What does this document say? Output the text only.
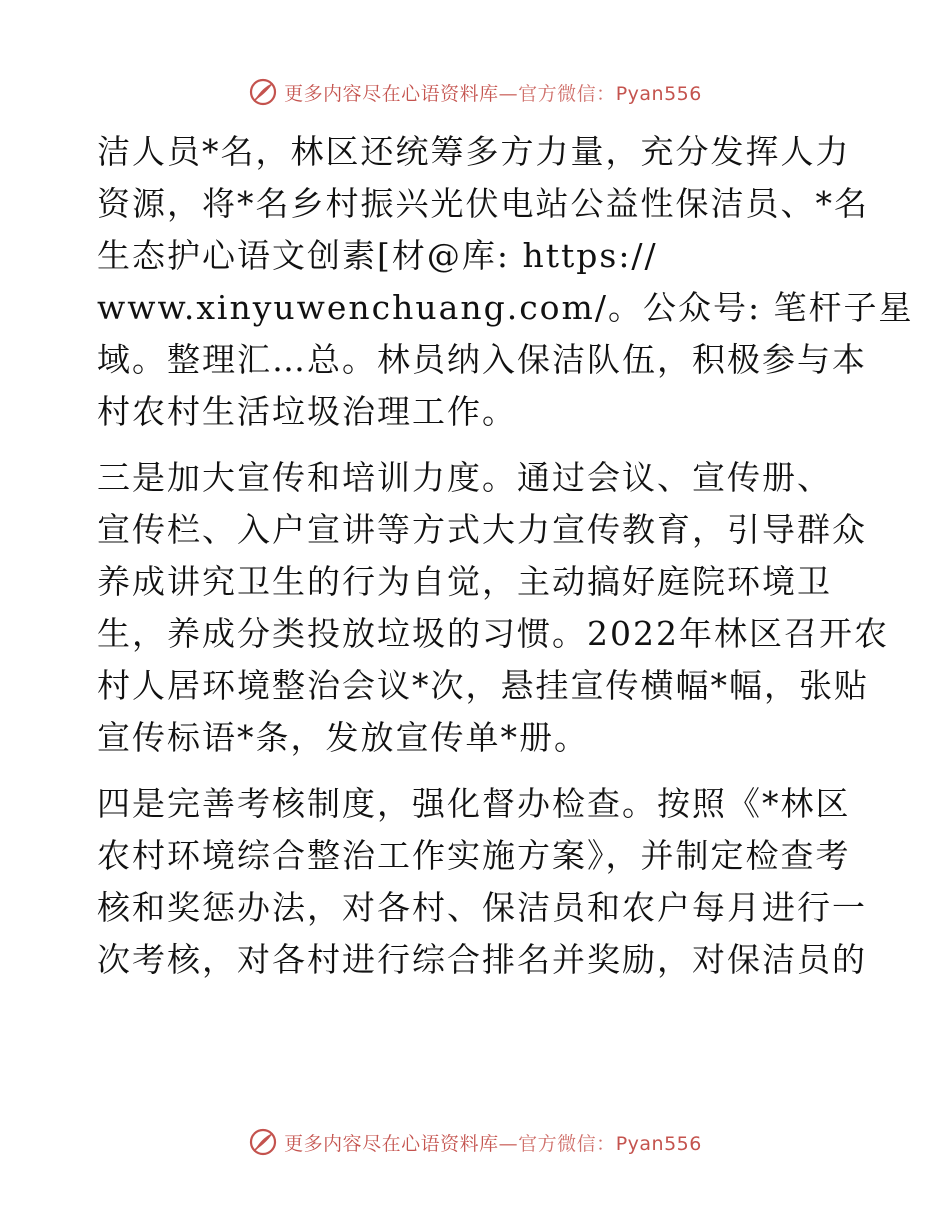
更多内容尽在心语资料库—官方微信：Pyan556

洁人员*名，林区还统筹多方力量，充分发挥人力
资源，将*名乡村振兴光伏电站公益性保洁员、*名
生态护心语文创素[材@库: https://
www.xinyuwenchuang.com/。公众号: 笔杆子星
域。整理汇…总。林员纳入保洁队伍，积极参与本
村农村生活垃圾治理工作。

三是加大宣传和培训力度。通过会议、宣传册、
宣传栏、入户宣讲等方式大力宣传教育，引导群众
养成讲究卫生的行为自觉，主动搞好庭院环境卫
生，养成分类投放垃圾的习惯。2022年林区召开农
村人居环境整治会议*次，悬挂宣传横幅*幅，张贴
宣传标语*条，发放宣传单*册。

四是完善考核制度，强化督办检查。按照《*林区
农村环境综合整治工作实施方案》，并制定检查考
核和奖惩办法，对各村、保洁员和农户每月进行一
次考核，对各村进行综合排名并奖励，对保洁员的

更多内容尽在心语资料库—官方微信：Pyan556
